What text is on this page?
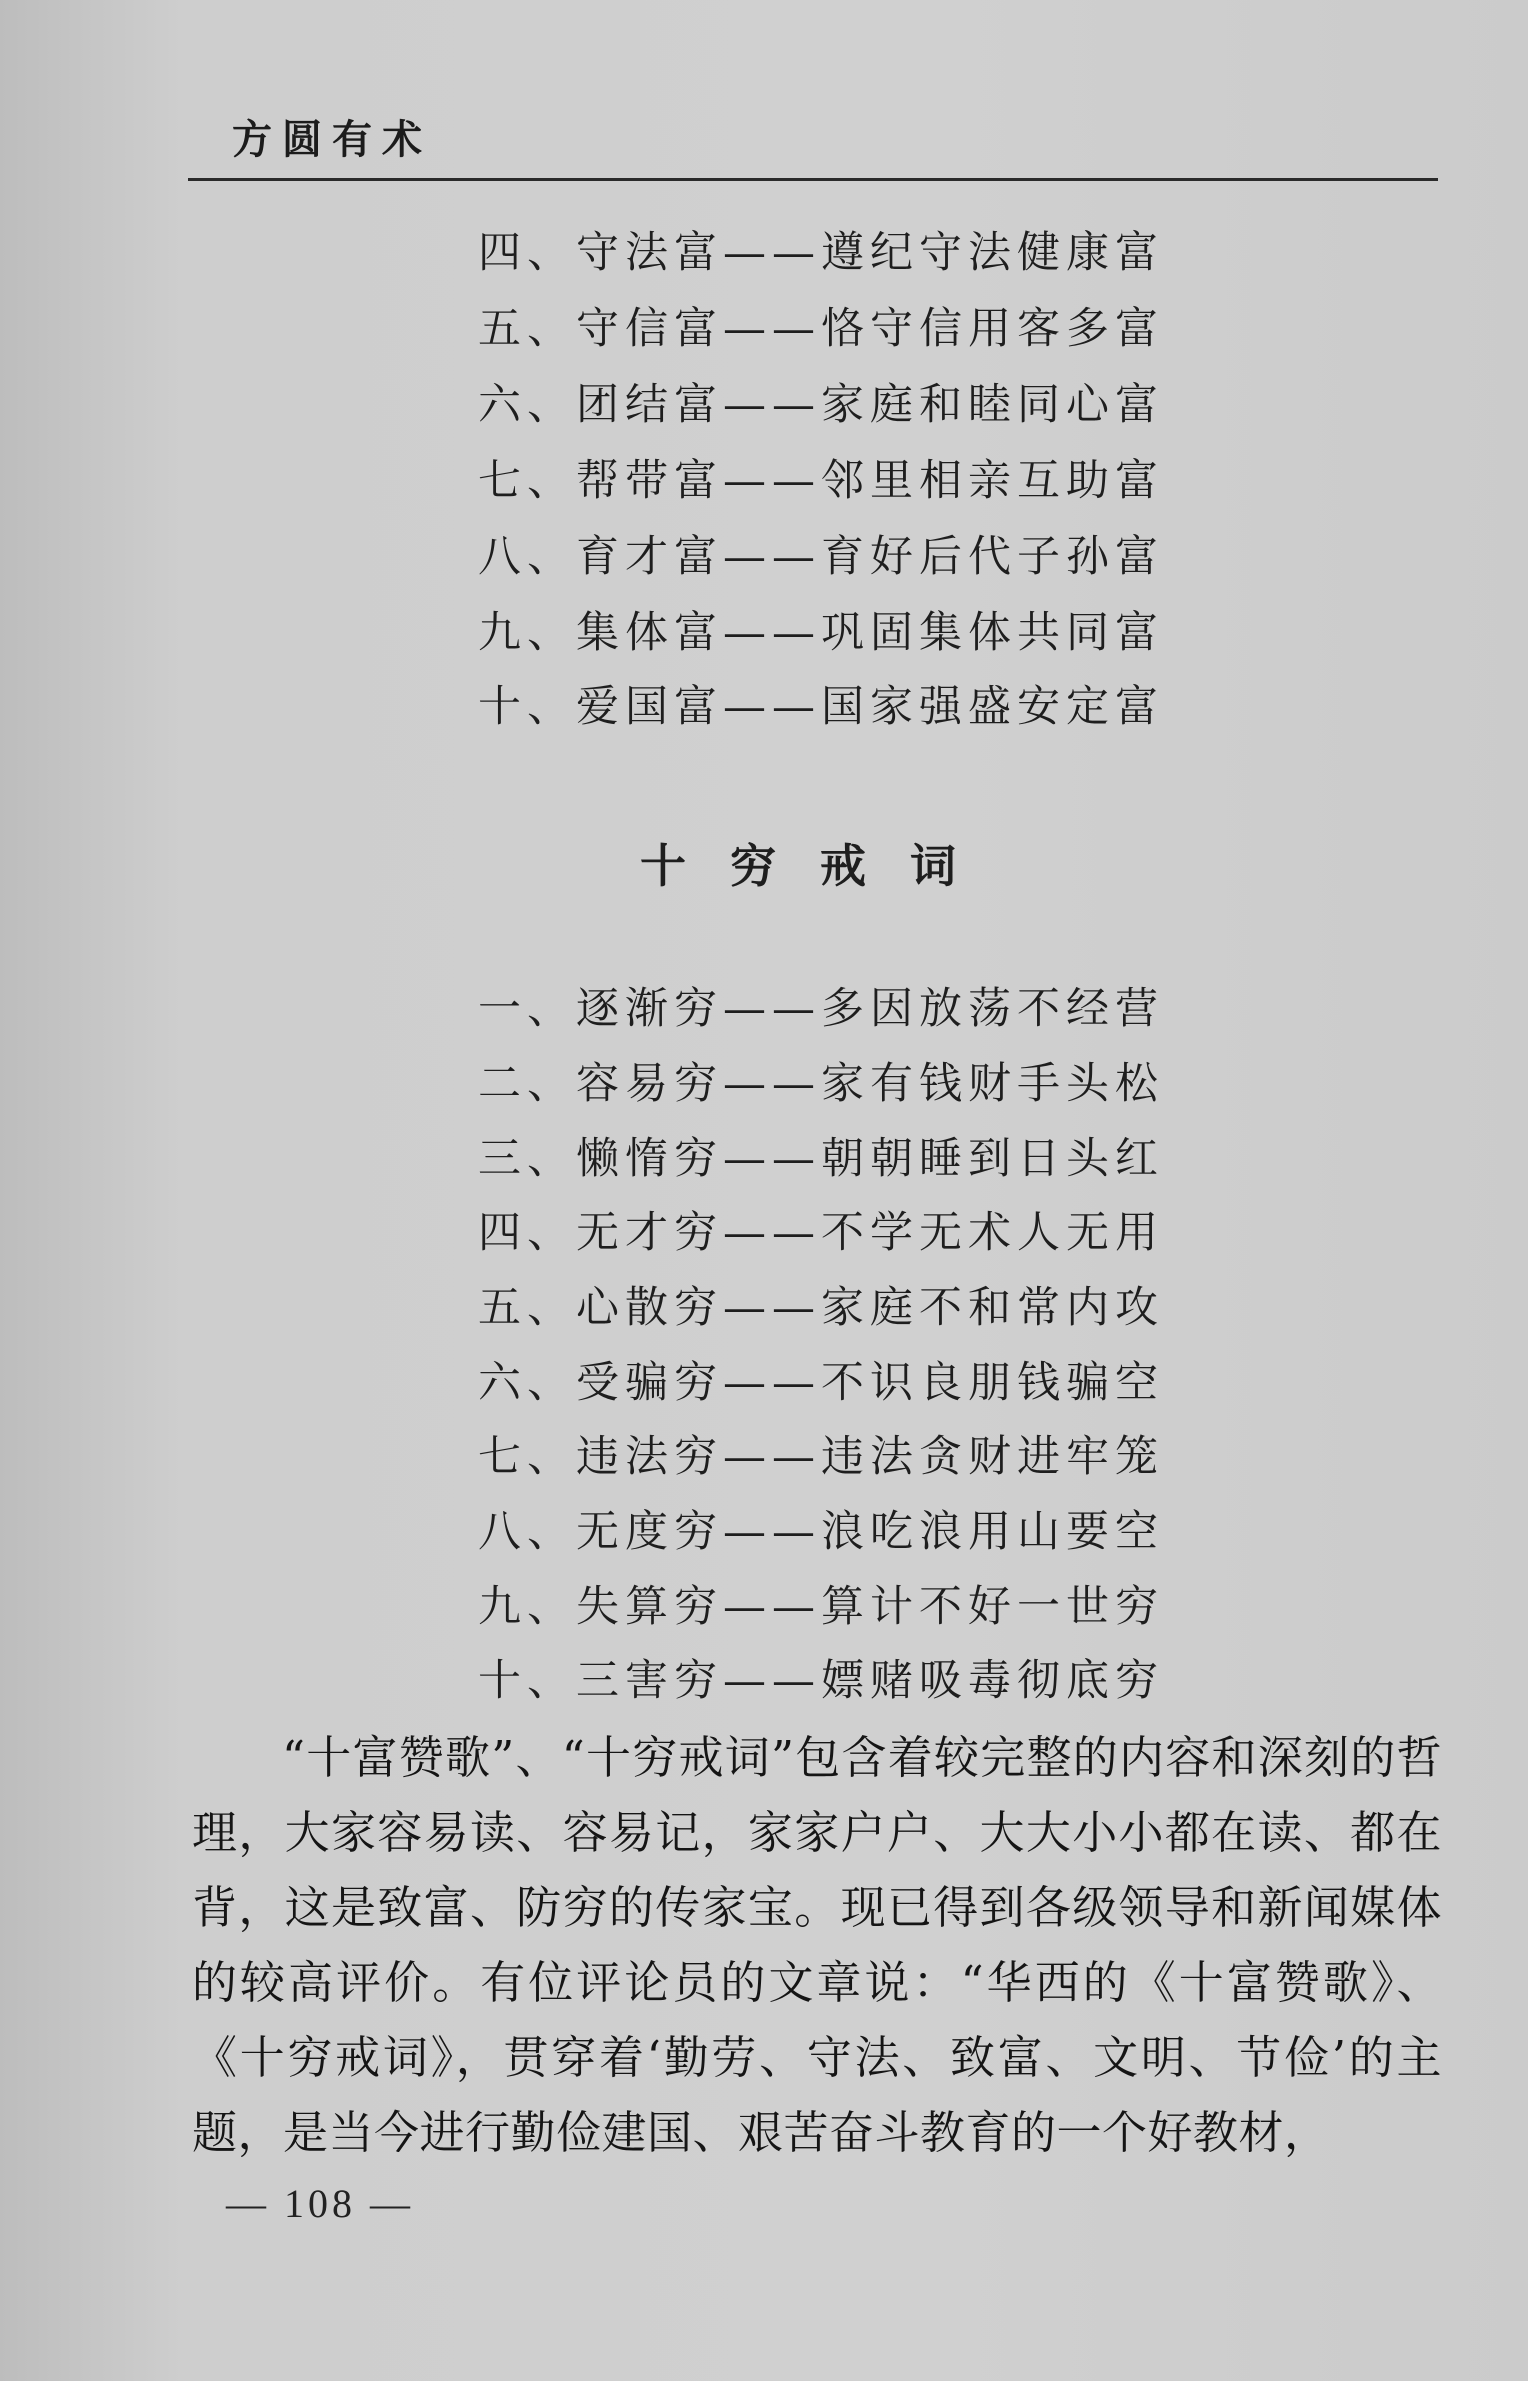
方圆有术
四、守法富——遵纪守法健康富
五、守信富——恪守信用客多富
六、团结富——家庭和睦同心富
七、帮带富——邻里相亲互助富
八、育才富——育好后代子孙富
九、集体富——巩固集体共同富
十、爱国富——国家强盛安定富
十穷戒词
一、逐渐穷——多因放荡不经营
二、容易穷——家有钱财手头松
三、懒惰穷——朝朝睡到日头红
四、无才穷——不学无术人无用
五、心散穷——家庭不和常内攻
六、受骗穷——不识良朋钱骗空
七、违法穷——违法贪财进牢笼
八、无度穷——浪吃浪用山要空
九、失算穷——算计不好一世穷
十、三害穷——嫖赌吸毒彻底穷

“十富赞歌”、“十穷戒词”包含着较完整的内容和深刻的哲理，大家容易读、容易记，家家户户、大大小小都在读、都在背，这是致富、防穷的传家宝。现已得到各级领导和新闻媒体的较高评价。有位评论员的文章说：“华西的《十富赞歌》、《十穷戒词》，贯穿着‘勤劳、守法、致富、文明、节俭’的主题，是当今进行勤俭建国、艰苦奋斗教育的一个好教材，

— 108 —
